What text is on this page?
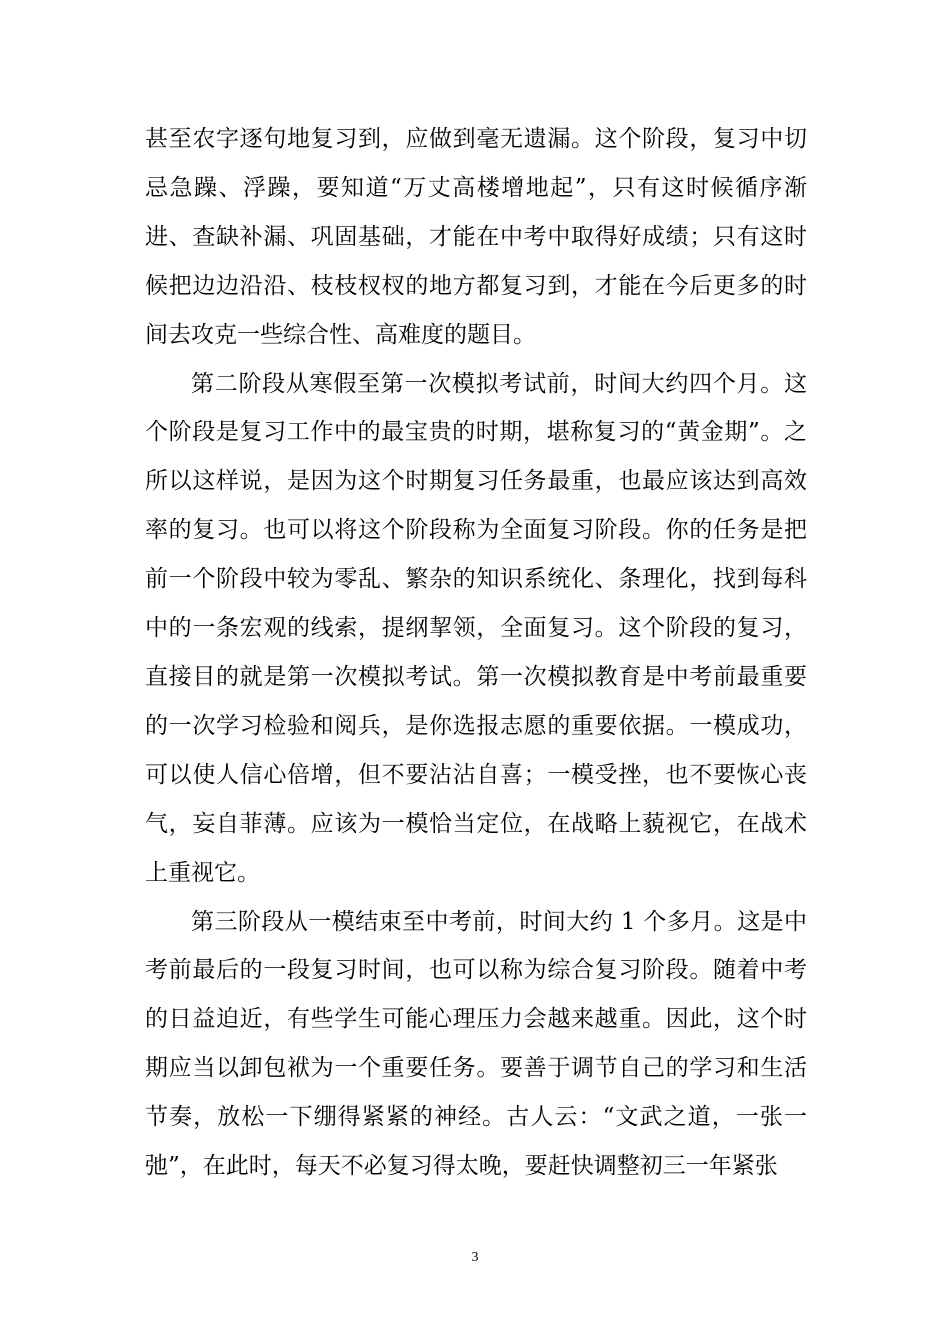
甚至农字逐句地复习到，应做到毫无遗漏。这个阶段，复习中切忌急躁、浮躁，要知道“万丈高楼增地起”，只有这时候循序渐进、查缺补漏、巩固基础，才能在中考中取得好成绩；只有这时候把边边沿沿、枝枝杈杈的地方都复习到，才能在今后更多的时间去攻克一些综合性、高难度的题目。

第二阶段从寒假至第一次模拟考试前，时间大约四个月。这个阶段是复习工作中的最宝贵的时期，堪称复习的“黄金期”。之所以这样说，是因为这个时期复习任务最重，也最应该达到高效率的复习。也可以将这个阶段称为全面复习阶段。你的任务是把前一个阶段中较为零乱、繁杂的知识系统化、条理化，找到每科中的一条宏观的线索，提纲挈领，全面复习。这个阶段的复习，直接目的就是第一次模拟考试。第一次模拟教育是中考前最重要的一次学习检验和阅兵，是你选报志愿的重要依据。一模成功，可以使人信心倍增，但不要沾沾自喜；一模受挫，也不要恢心丧气，妄自菲薄。应该为一模恰当定位，在战略上藐视它，在战术上重视它。

第三阶段从一模结束至中考前，时间大约 1 个多月。这是中考前最后的一段复习时间，也可以称为综合复习阶段。随着中考的日益迫近，有些学生可能心理压力会越来越重。因此，这个时期应当以卸包袱为一个重要任务。要善于调节自己的学习和生活节奏，放松一下绷得紧紧的神经。古人云：“文武之道，一张一弛”，在此时，每天不必复习得太晚，要赶快调整初三一年紧张

3
